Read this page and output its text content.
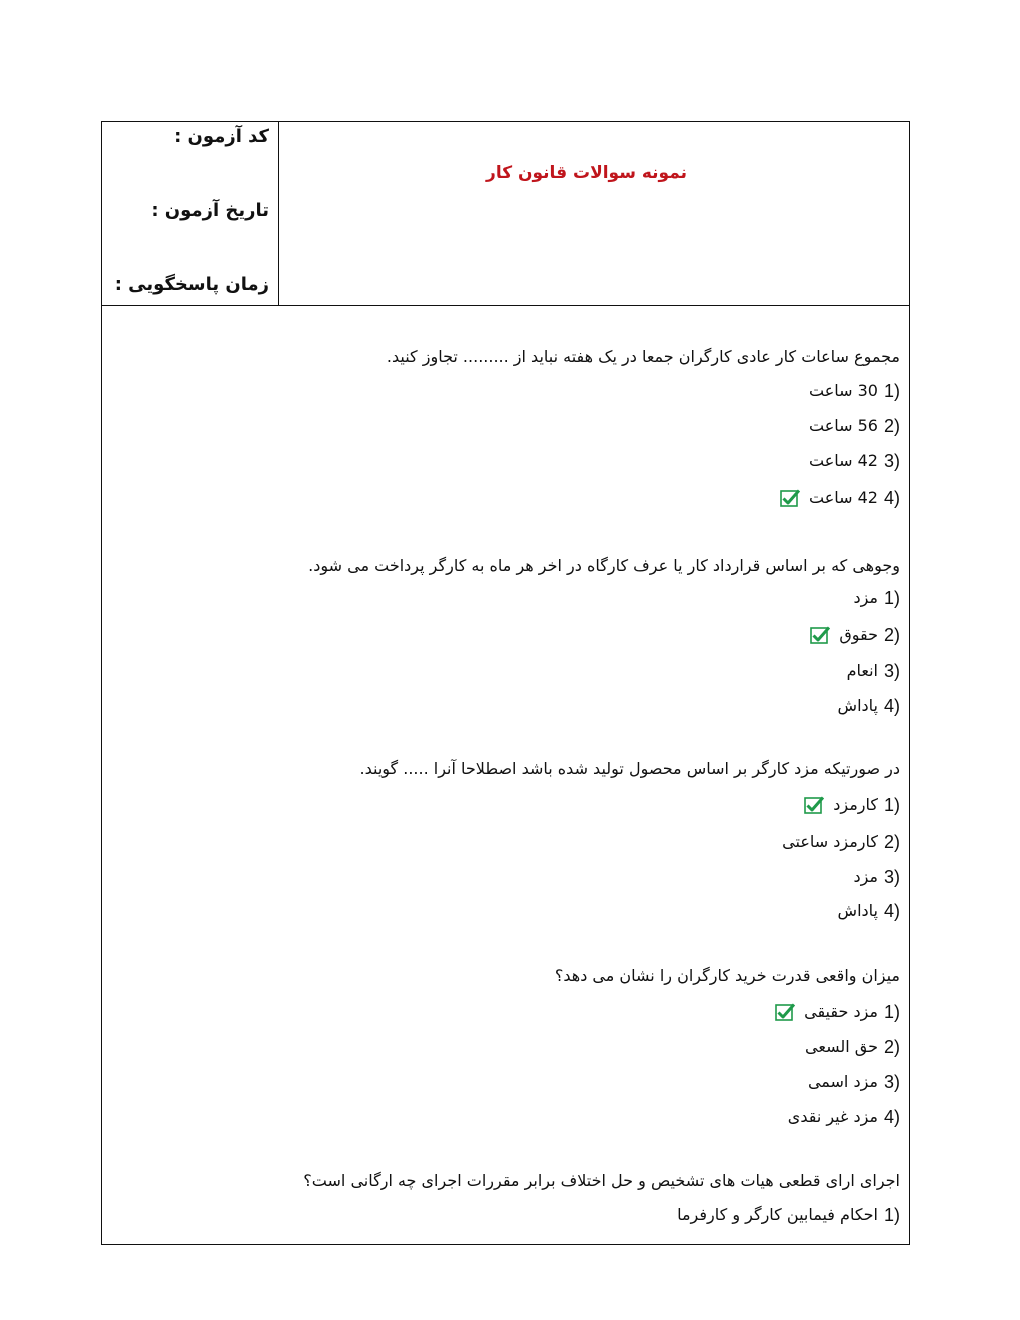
کد آزمون :
تاریخ آزمون :
زمان پاسخگویی :
نمونه سوالات قانون کار
مجموع ساعات کار عادی کارگران جمعا در یک هفته نباید از ......... تجاوز کنید.
1)
30 ساعت
2)
56 ساعت
3)
42 ساعت
4)
42 ساعت
وجوهی که بر اساس قرارداد کار یا عرف کارگاه در اخر هر ماه به کارگر پرداخت می شود.
1)
مزد
2)
حقوق
3)
انعام
4)
پاداش
در صورتیکه مزد کارگر بر اساس محصول تولید شده باشد اصطلاحا آنرا ..... گویند.
1)
کارمزد
2)
کارمزد ساعتی
3)
مزد
4)
پاداش
میزان واقعی قدرت خرید کارگران را نشان می دهد؟
1)
مزد حقیقی
2)
حق السعی
3)
مزد اسمی
4)
مزد غیر نقدی
اجرای ارای قطعی هیات های تشخیص و حل اختلاف برابر مقررات اجرای چه ارگانی است؟
1)
احکام فیمابین کارگر و کارفرما
